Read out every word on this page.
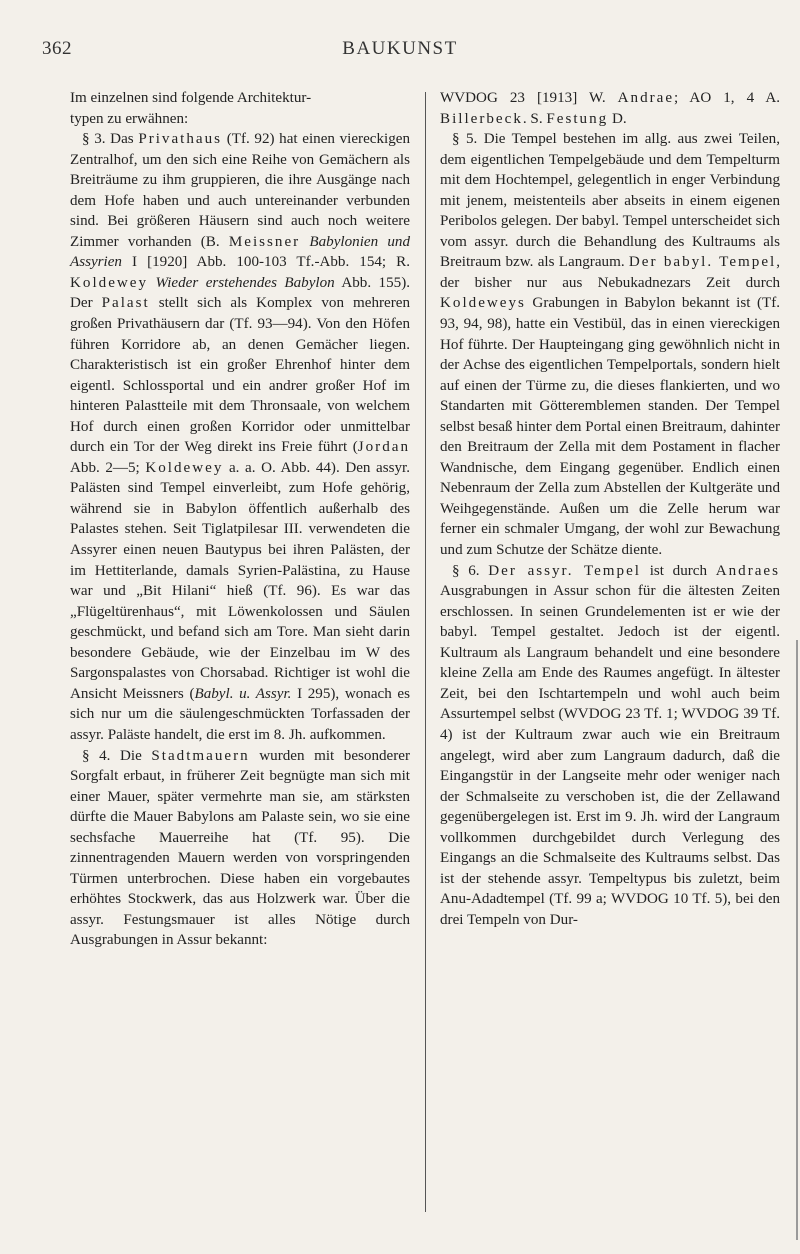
362	BAUKUNST

Im einzelnen sind folgende Architektur-
typen zu erwähnen:

§ 3. Das Privathaus (Tf. 92) hat einen viereckigen Zentralhof, um den sich eine Reihe von Gemächern als Breiträume zu ihm gruppieren, die ihre Ausgänge nach dem Hofe haben und auch untereinander verbunden sind. Bei größeren Häusern sind auch noch weitere Zimmer vorhanden (B. Meissner Babylonien und Assyrien I [1920] Abb. 100-103 Tf.-Abb. 154; R. Koldewey Wieder erstehendes Babylon Abb. 155). Der Palast stellt sich als Komplex von mehreren großen Privathäusern dar (Tf. 93—94). Von den Höfen führen Korridore ab, an denen Gemächer liegen. Charakteristisch ist ein großer Ehrenhof hinter dem eigentl. Schlossportal und ein andrer großer Hof im hinteren Palastteile mit dem Thronsaale, von welchem Hof durch einen großen Korridor oder unmittelbar durch ein Tor der Weg direkt ins Freie führt (Jordan Abb. 2—5; Koldewey a. a. O. Abb. 44). Den assyr. Palästen sind Tempel einverleibt, zum Hofe gehörig, während sie in Babylon öffentlich außerhalb des Palastes stehen. Seit Tiglatpilesar III. verwendeten die Assyrer einen neuen Bautypus bei ihren Palästen, der im Hettiterlande, damals Syrien-Palästina, zu Hause war und „Bit Hilani“ hieß (Tf. 96). Es war das „Flügeltürenhaus“, mit Löwenkolossen und Säulen geschmückt, und befand sich am Tore. Man sieht darin besondere Gebäude, wie der Einzelbau im W des Sargonspalastes von Chorsabad. Richtiger ist wohl die Ansicht Meissners (Babyl. u. Assyr. I 295), wonach es sich nur um die säulengeschmückten Torfassaden der assyr. Paläste handelt, die erst im 8. Jh. aufkommen.

§ 4. Die Stadtmauern wurden mit besonderer Sorgfalt erbaut, in früherer Zeit begnügte man sich mit einer Mauer, später vermehrte man sie, am stärksten dürfte die Mauer Babylons am Palaste sein, wo sie eine sechsfache Mauerreihe hat (Tf. 95). Die zinnentragenden Mauern werden von vorspringenden Türmen unterbrochen. Diese haben ein vorgebautes erhöhtes Stockwerk, das aus Holzwerk war. Über die assyr. Festungsmauer ist alles Nötige durch Ausgrabungen in Assur bekannt:

WVDOG 23 [1913] W. Andrae; AO 1, 4 A. Billerbeck. S. Festung D.

§ 5. Die Tempel bestehen im allg. aus zwei Teilen, dem eigentlichen Tempelgebäude und dem Tempelturm mit dem Hochtempel, gelegentlich in enger Verbindung mit jenem, meistenteils aber abseits in einem eigenen Peribolos gelegen. Der babyl. Tempel unterscheidet sich vom assyr. durch die Behandlung des Kultraums als Breitraum bzw. als Langraum. Der babyl. Tempel, der bisher nur aus Nebukadnezars Zeit durch Koldeweys Grabungen in Babylon bekannt ist (Tf. 93, 94, 98), hatte ein Vestibül, das in einen viereckigen Hof führte. Der Haupteingang ging gewöhnlich nicht in der Achse des eigentlichen Tempelportals, sondern hielt auf einen der Türme zu, die dieses flankierten, und wo Standarten mit Götteremblemen standen. Der Tempel selbst besaß hinter dem Portal einen Breitraum, dahinter den Breitraum der Zella mit dem Postament in flacher Wandnische, dem Eingang gegenüber. Endlich einen Nebenraum der Zella zum Abstellen der Kultgeräte und Weihgegenstände. Außen um die Zelle herum war ferner ein schmaler Umgang, der wohl zur Bewachung und zum Schutze der Schätze diente.

§ 6. Der assyr. Tempel ist durch Andraes Ausgrabungen in Assur schon für die ältesten Zeiten erschlossen. In seinen Grundelementen ist er wie der babyl. Tempel gestaltet. Jedoch ist der eigentl. Kultraum als Langraum behandelt und eine besondere kleine Zella am Ende des Raumes angefügt. In ältester Zeit, bei den Ischtartempeln und wohl auch beim Assurtempel selbst (WVDOG 23 Tf. 1; WVDOG 39 Tf. 4) ist der Kultraum zwar auch wie ein Breitraum angelegt, wird aber zum Langraum dadurch, daß die Eingangstür in der Langseite mehr oder weniger nach der Schmalseite zu verschoben ist, die der Zellawand gegenübergelegen ist. Erst im 9. Jh. wird der Langraum vollkommen durchgebildet durch Verlegung des Eingangs an die Schmalseite des Kultraums selbst. Das ist der stehende assyr. Tempeltypus bis zuletzt, beim Anu-Adadtempel (Tf. 99 a; WVDOG 10 Tf. 5), bei den drei Tempeln von Dur-
